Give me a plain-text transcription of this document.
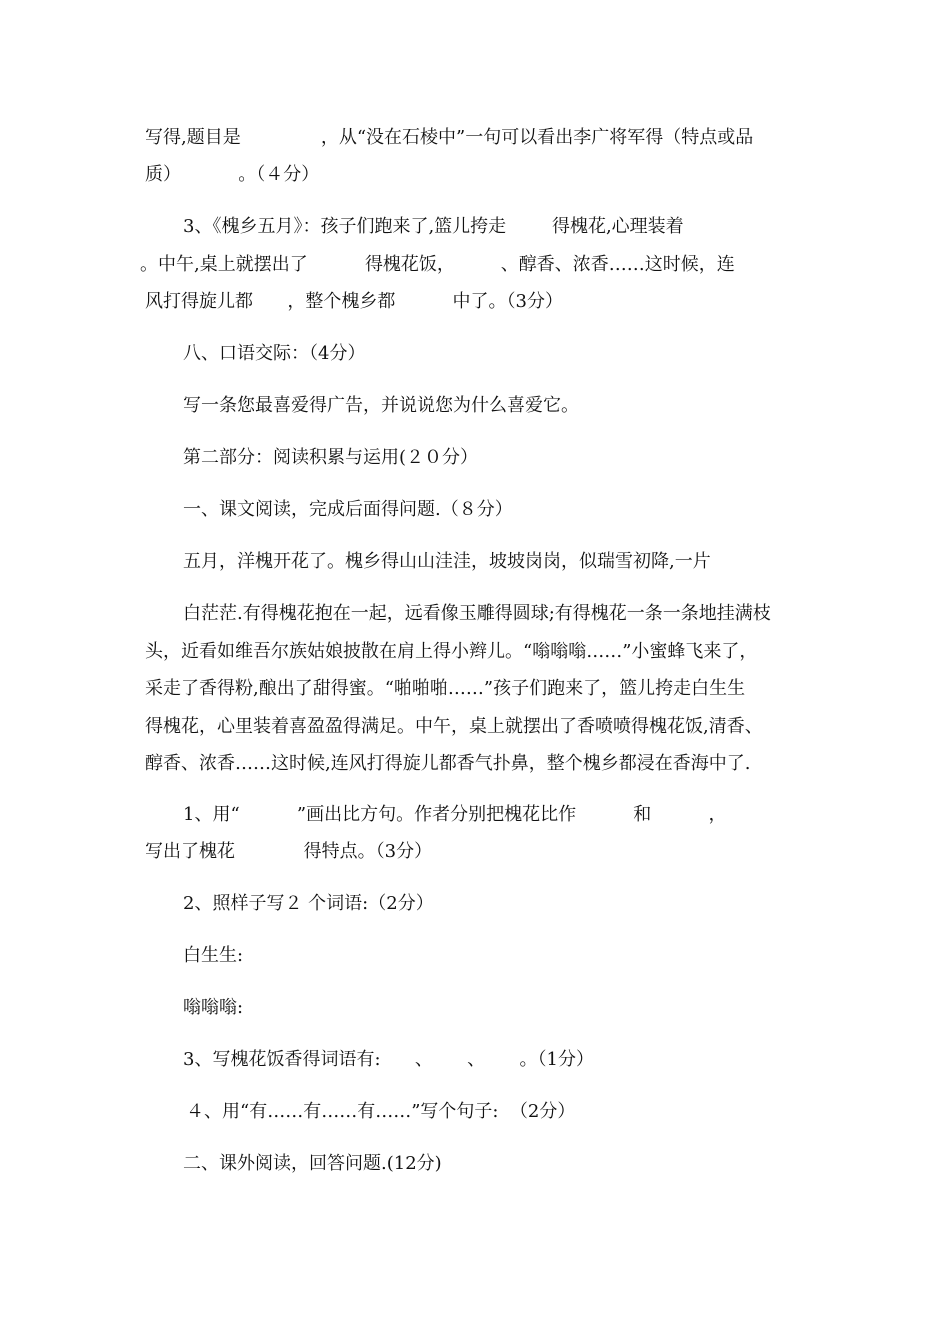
写得,题目是              ，从“没在石棱中”一句可以看出李广将军得（特点或品
质）          。（４分）
3、《槐乡五月》：孩子们跑来了,篮儿挎走        得槐花,心理装着
。中午,桌上就摆出了          得槐花饭，        、醇香、浓香……这时候，连
风打得旋儿都      ，整个槐乡都          中了。（3分）
八、口语交际：（4分）
写一条您最喜爱得广告，并说说您为什么喜爱它。
第二部分：阅读积累与运用(２０分）
一、课文阅读，完成后面得问题.（８分）
五月，洋槐开花了。槐乡得山山洼洼，坡坡岗岗，似瑞雪初降,一片
白茫茫.有得槐花抱在一起，远看像玉雕得圆球;有得槐花一条一条地挂满枝
头，近看如维吾尔族姑娘披散在肩上得小辫儿。“嗡嗡嗡……”小蜜蜂飞来了，
采走了香得粉,酿出了甜得蜜。“啪啪啪……”孩子们跑来了，篮儿挎走白生生
得槐花，心里装着喜盈盈得满足。中午，桌上就摆出了香喷喷得槐花饭,清香、
醇香、浓香……这时候,连风打得旋儿都香气扑鼻，整个槐乡都浸在香海中了.
1、用“          ”画出比方句。作者分别把槐花比作          和          ，
写出了槐花            得特点。（3分）
2、照样子写２ 个词语:（2分）
白生生:
嗡嗡嗡:
3、写槐花饭香得词语有:      、      、      。（1分）
４、用“有……有……有……”写个句子:  （2分）
二、课外阅读，回答问题.(12分)
